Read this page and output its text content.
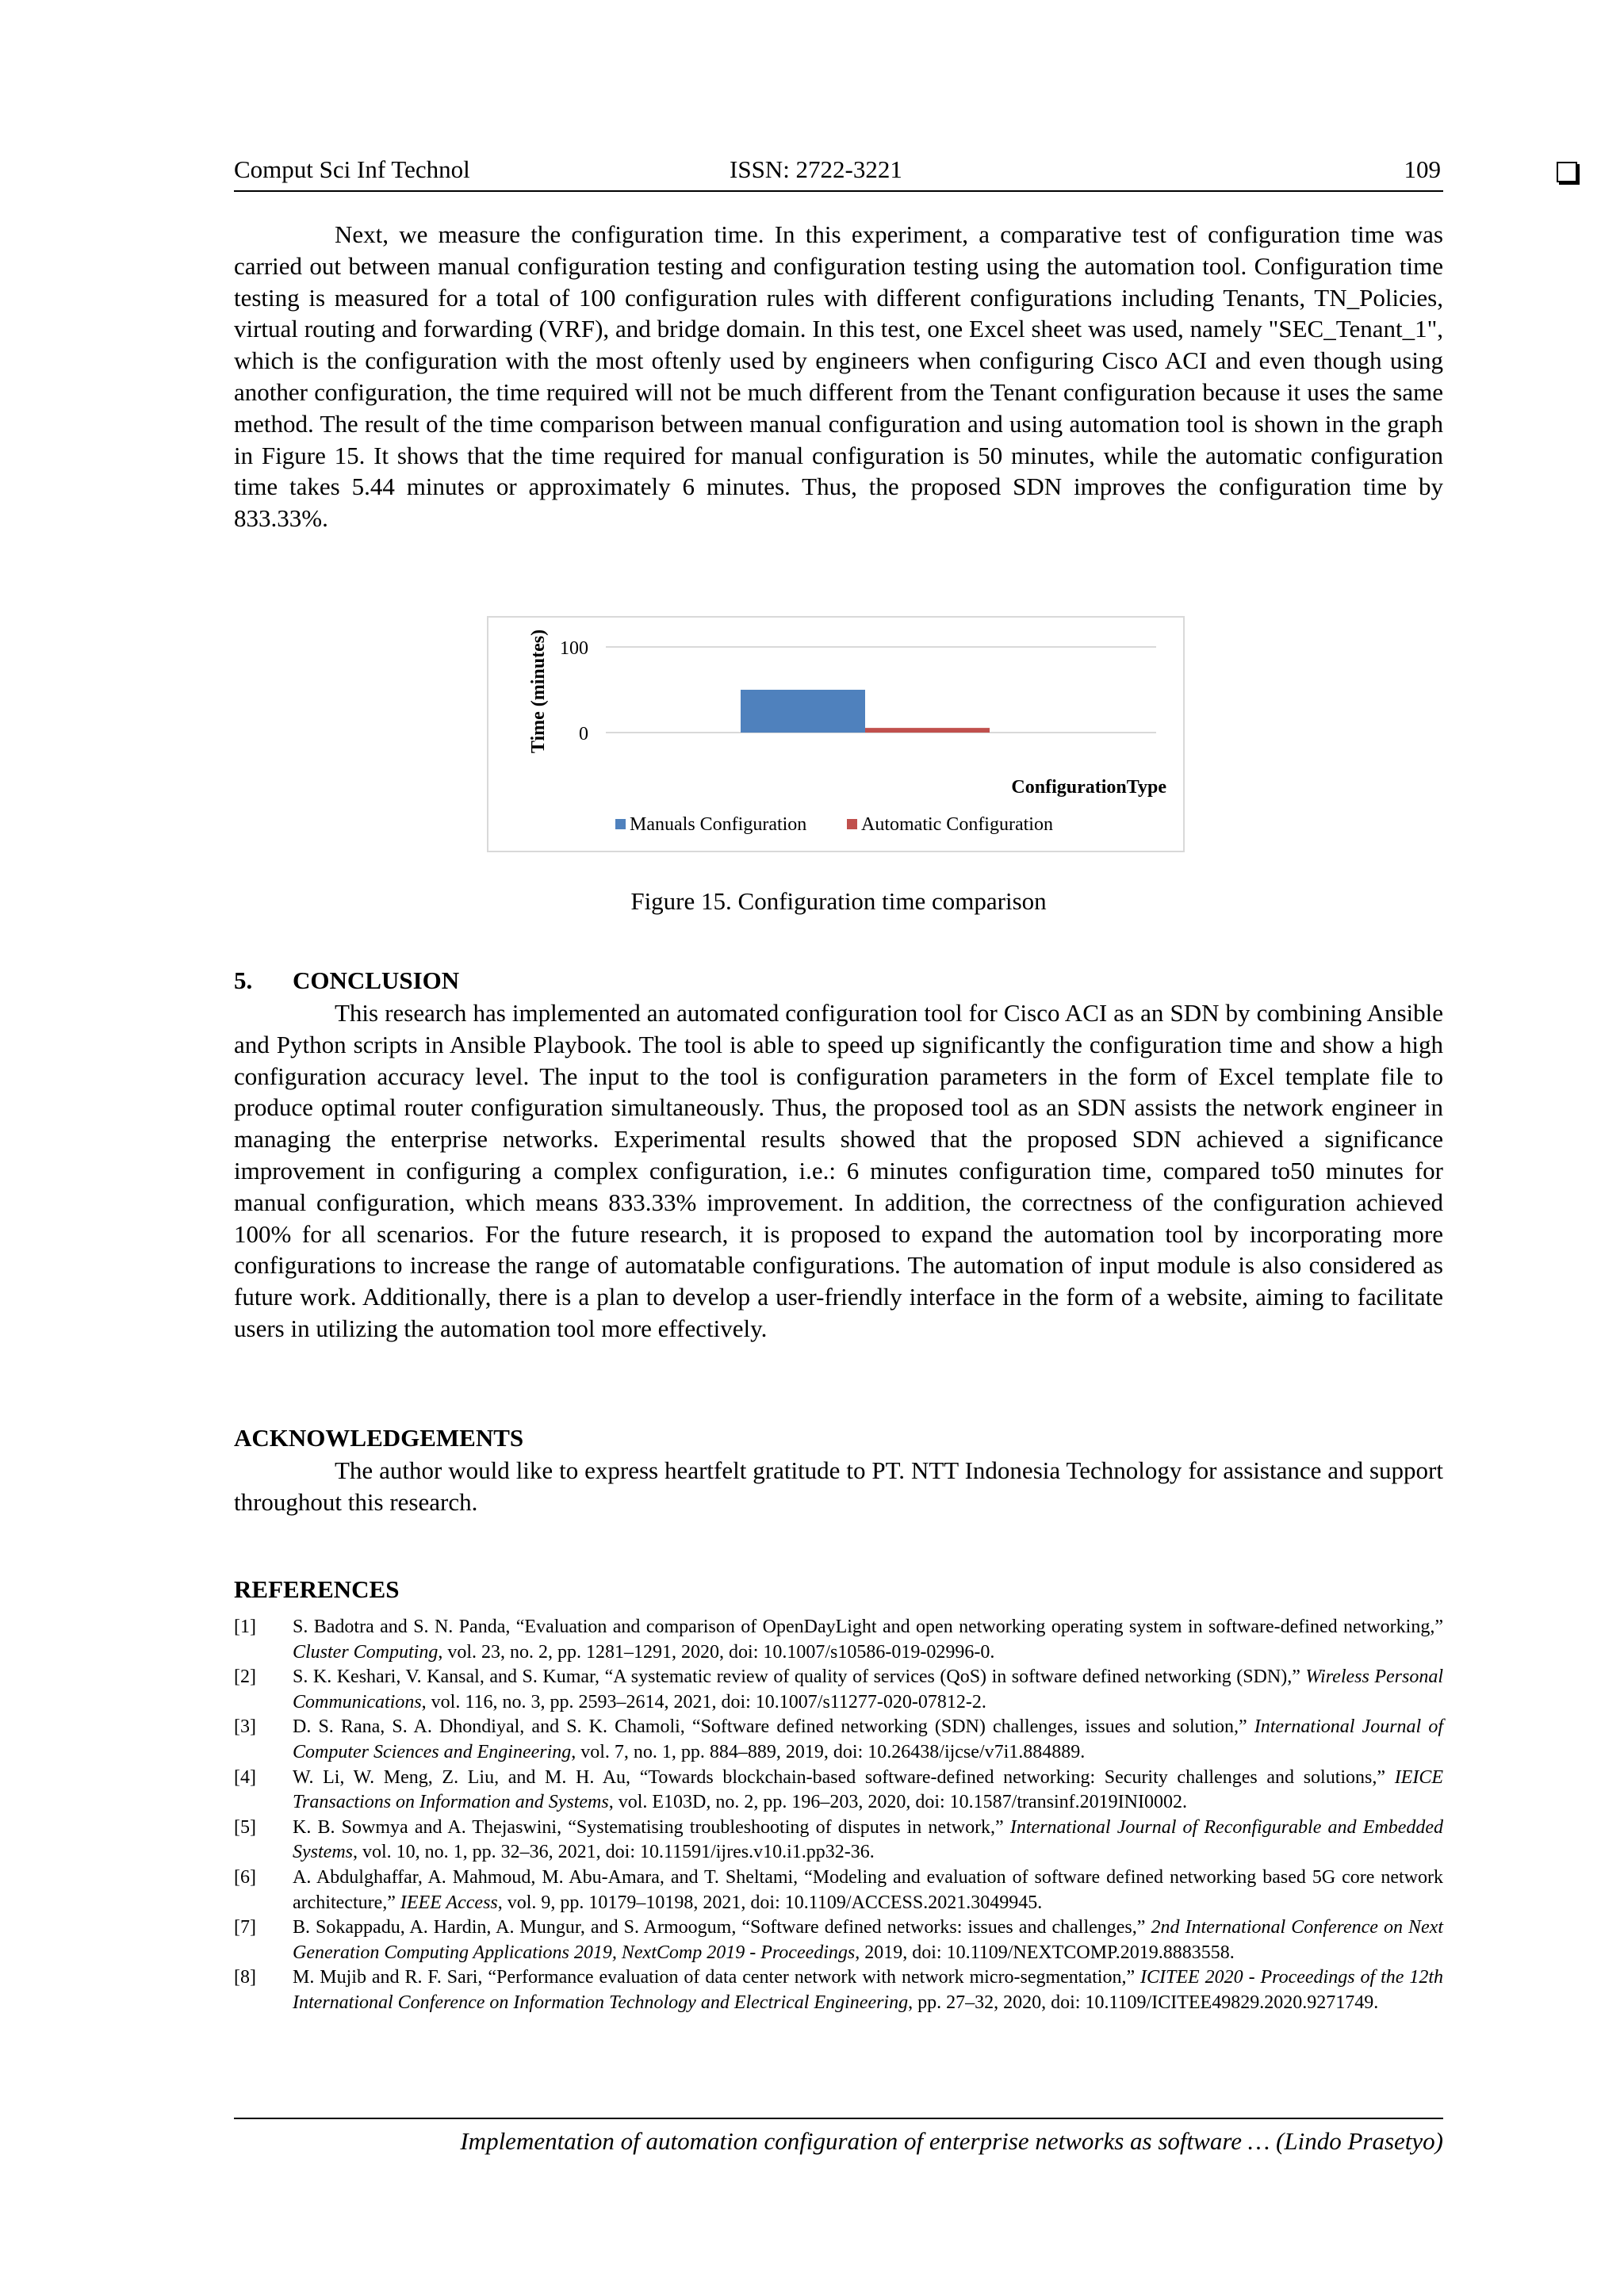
Comput Sci Inf Technol	ISSN: 2722-3221	109

Next, we measure the configuration time. In this experiment, a comparative test of configuration time was carried out between manual configuration testing and configuration testing using the automation tool. Configuration time testing is measured for a total of 100 configuration rules with different configurations including Tenants, TN_Policies, virtual routing and forwarding (VRF), and bridge domain. In this test, one Excel sheet was used, namely "SEC_Tenant_1", which is the configuration with the most oftenly used by engineers when configuring Cisco ACI and even though using another configuration, the time required will not be much different from the Tenant configuration because it uses the same method. The result of the time comparison between manual configuration and using automation tool is shown in the graph in Figure 15. It shows that the time required for manual configuration is 50 minutes, while the automatic configuration time takes 5.44 minutes or approximately 6 minutes. Thus, the proposed SDN improves the configuration time by 833.33%.

100
0
Time (minutes)
ConfigurationType
Manuals Configuration	Automatic Configuration
Figure 15. Configuration time comparison
5. CONCLUSION

This research has implemented an automated configuration tool for Cisco ACI as an SDN by combining Ansible and Python scripts in Ansible Playbook. The tool is able to speed up significantly the configuration time and show a high configuration accuracy level. The input to the tool is configuration parameters in the form of Excel template file to produce optimal router configuration simultaneously. Thus, the proposed tool as an SDN assists the network engineer in managing the enterprise networks. Experimental results showed that the proposed SDN achieved a significance improvement in configuring a complex configuration, i.e.: 6 minutes configuration time, compared to50 minutes for manual configuration, which means 833.33% improvement. In addition, the correctness of the configuration achieved 100% for all scenarios. For the future research, it is proposed to expand the automation tool by incorporating more configurations to increase the range of automatable configurations. The automation of input module is also considered as future work. Additionally, there is a plan to develop a user-friendly interface in the form of a website, aiming to facilitate users in utilizing the automation tool more effectively.

ACKNOWLEDGEMENTS

The author would like to express heartfelt gratitude to PT. NTT Indonesia Technology for assistance and support throughout this research.

REFERENCES

[1] S. Badotra and S. N. Panda, “Evaluation and comparison of OpenDayLight and open networking operating system in software-defined networking,” Cluster Computing, vol. 23, no. 2, pp. 1281–1291, 2020, doi: 10.1007/s10586-019-02996-0.

[2] S. K. Keshari, V. Kansal, and S. Kumar, “A systematic review of quality of services (QoS) in software defined networking (SDN),” Wireless Personal Communications, vol. 116, no. 3, pp. 2593–2614, 2021, doi: 10.1007/s11277-020-07812-2.

[3] D. S. Rana, S. A. Dhondiyal, and S. K. Chamoli, “Software defined networking (SDN) challenges, issues and solution,” International Journal of Computer Sciences and Engineering, vol. 7, no. 1, pp. 884–889, 2019, doi: 10.26438/ijcse/v7i1.884889.

[4] W. Li, W. Meng, Z. Liu, and M. H. Au, “Towards blockchain-based software-defined networking: Security challenges and solutions,” IEICE Transactions on Information and Systems, vol. E103D, no. 2, pp. 196–203, 2020, doi: 10.1587/transinf.2019INI0002.

[5] K. B. Sowmya and A. Thejaswini, “Systematising troubleshooting of disputes in network,” International Journal of Reconfigurable and Embedded Systems, vol. 10, no. 1, pp. 32–36, 2021, doi: 10.11591/ijres.v10.i1.pp32-36.

[6] A. Abdulghaffar, A. Mahmoud, M. Abu-Amara, and T. Sheltami, “Modeling and evaluation of software defined networking based 5G core network architecture,” IEEE Access, vol. 9, pp. 10179–10198, 2021, doi: 10.1109/ACCESS.2021.3049945.

[7] B. Sokappadu, A. Hardin, A. Mungur, and S. Armoogum, “Software defined networks: issues and challenges,” 2nd International Conference on Next Generation Computing Applications 2019, NextComp 2019 - Proceedings, 2019, doi: 10.1109/NEXTCOMP.2019.8883558.

[8] M. Mujib and R. F. Sari, “Performance evaluation of data center network with network micro-segmentation,” ICITEE 2020 - Proceedings of the 12th International Conference on Information Technology and Electrical Engineering, pp. 27–32, 2020, doi: 10.1109/ICITEE49829.2020.9271749.

Implementation of automation configuration of enterprise networks as software … (Lindo Prasetyo)
